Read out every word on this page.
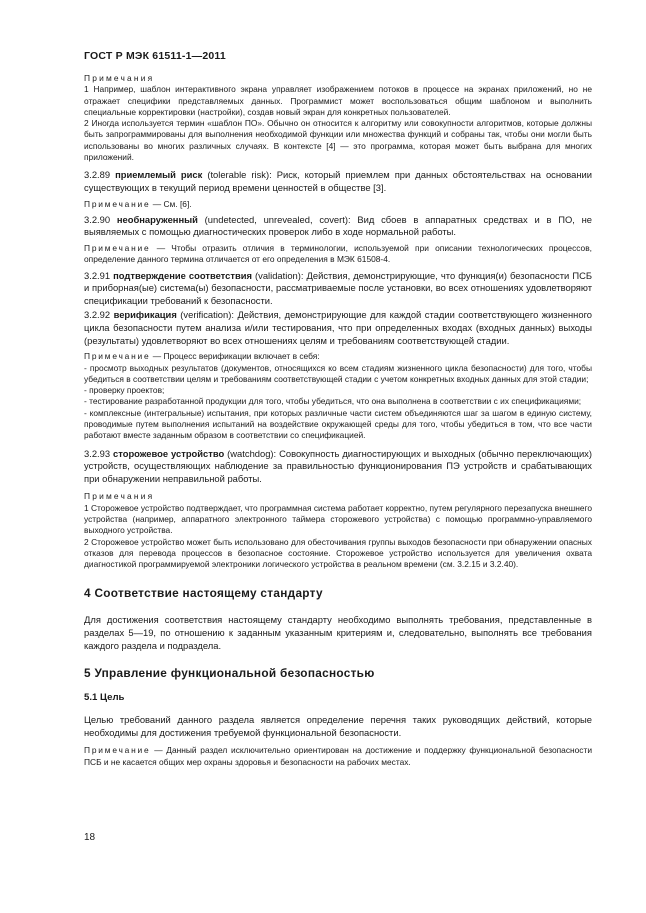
ГОСТ Р МЭК 61511-1—2011

Примечания

1 Например, шаблон интерактивного экрана управляет изображением потоков в процессе на экранах приложений, но не отражает специфики представляемых данных. Программист может воспользоваться общим шаблоном и выполнить специальные корректировки (настройки), создав новый экран для конкретных пользователей.

2 Иногда используется термин «шаблон ПО». Обычно он относится к алгоритму или совокупности алгоритмов, которые должны быть запрограммированы для выполнения необходимой функции или множества функций и собраны так, чтобы они могли быть использованы во многих различных случаях. В контексте [4] — это программа, которая может быть выбрана для многих приложений.

3.2.89 приемлемый риск (tolerable risk): Риск, который приемлем при данных обстоятельствах на основании существующих в текущий период времени ценностей в обществе [3].

Примечание — См. [6].

3.2.90 необнаруженный (undetected, unrevealed, covert): Вид сбоев в аппаратных средствах и в ПО, не выявляемых с помощью диагностических проверок либо в ходе нормальной работы.

Примечание — Чтобы отразить отличия в терминологии, используемой при описании технологических процессов, определение данного термина отличается от его определения в МЭК 61508-4.

3.2.91 подтверждение соответствия (validation): Действия, демонстрирующие, что функция(и) безопасности ПСБ и приборная(ые) система(ы) безопасности, рассматриваемые после установки, во всех отношениях удовлетворяют спецификации требований к безопасности.

3.2.92 верификация (verification): Действия, демонстрирующие для каждой стадии соответствующего жизненного цикла безопасности путем анализа и/или тестирования, что при определенных входах (входных данных) выходы (результаты) удовлетворяют во всех отношениях целям и требованиям соответствующей стадии.

Примечание — Процесс верификации включает в себя:

- просмотр выходных результатов (документов, относящихся ко всем стадиям жизненного цикла безопасности) для того, чтобы убедиться в соответствии целям и требованиям соответствующей стадии с учетом конкретных входных данных для этой стадии;

- проверку проектов;

- тестирование разработанной продукции для того, чтобы убедиться, что она выполнена в соответствии с их спецификациями;

- комплексные (интегральные) испытания, при которых различные части систем объединяются шаг за шагом в единую систему, проводимые путем выполнения испытаний на воздействие окружающей среды для того, чтобы убедиться в том, что все части работают вместе заданным образом в соответствии со спецификацией.

3.2.93 сторожевое устройство (watchdog): Совокупность диагностирующих и выходных (обычно переключающих) устройств, осуществляющих наблюдение за правильностью функционирования ПЭ устройств и срабатывающих при обнаружении неправильной работы.

Примечания

1 Сторожевое устройство подтверждает, что программная система работает корректно, путем регулярного перезапуска внешнего устройства (например, аппаратного электронного таймера сторожевого устройства) с помощью программно-управляемого выходного устройства.

2 Сторожевое устройство может быть использовано для обесточивания группы выходов безопасности при обнаружении опасных отказов для перевода процессов в безопасное состояние. Сторожевое устройство используется для увеличения охвата диагностикой программируемой электроники логического устройства в реальном времени (см. 3.2.15 и 3.2.40).

4 Соответствие настоящему стандарту

Для достижения соответствия настоящему стандарту необходимо выполнять требования, представленные в разделах 5—19, по отношению к заданным указанным критериям и, следовательно, выполнять все требования каждого раздела и подраздела.

5 Управление функциональной безопасностью
5.1 Цель

Целью требований данного раздела является определение перечня таких руководящих действий, которые необходимы для достижения требуемой функциональной безопасности.

Примечание — Данный раздел исключительно ориентирован на достижение и поддержку функциональной безопасности ПСБ и не касается общих мер охраны здоровья и безопасности на рабочих местах.

18
